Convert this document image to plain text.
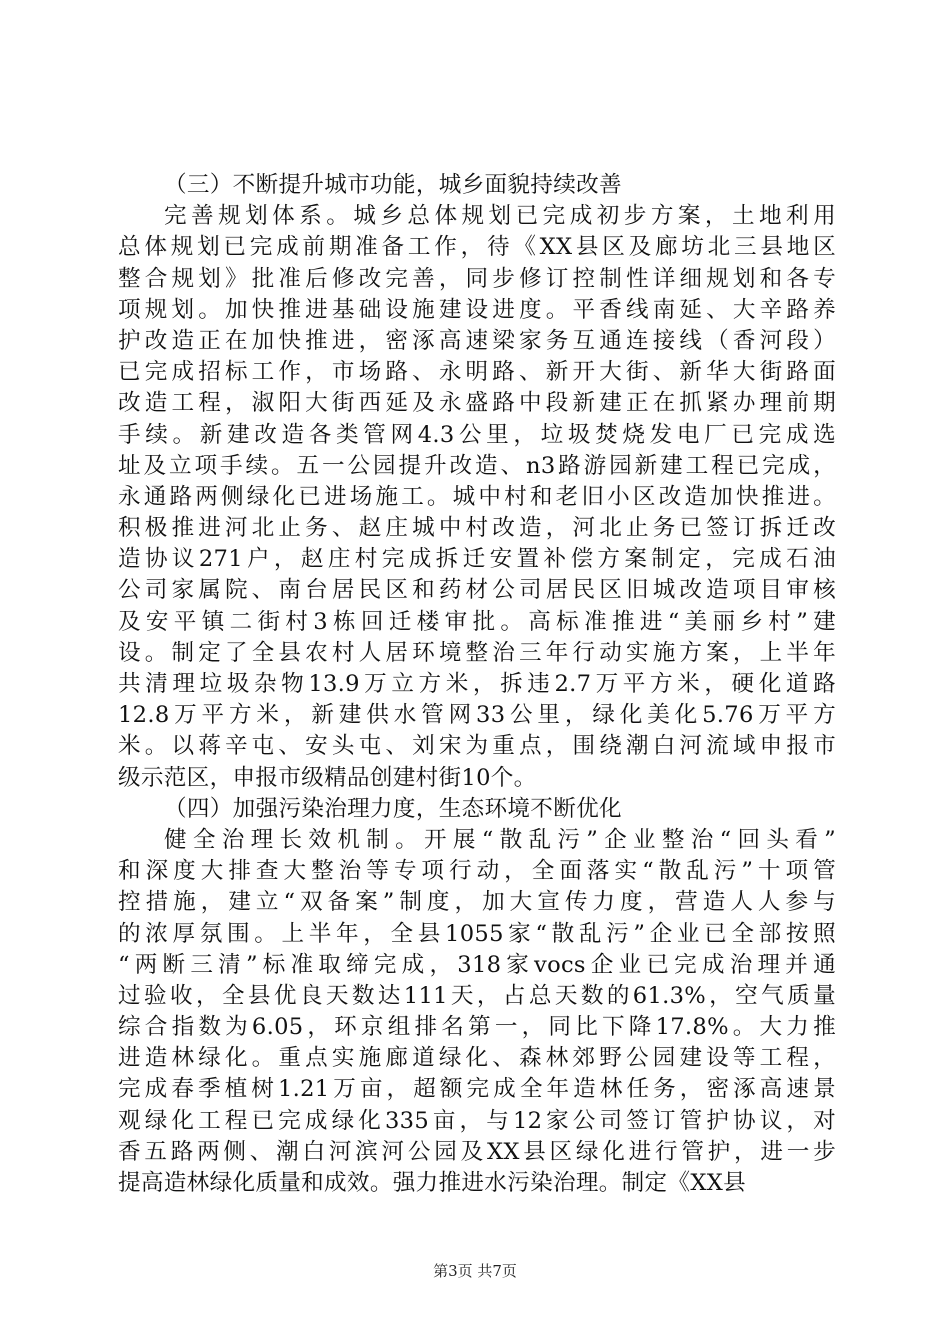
（三）不断提升城市功能，城乡面貌持续改善
完善规划体系。城乡总体规划已完成初步方案，土地利用
总体规划已完成前期准备工作，待《XX县区及廊坊北三县地区
整合规划》批准后修改完善，同步修订控制性详细规划和各专
项规划。加快推进基础设施建设进度。平香线南延、大辛路养
护改造正在加快推进，密涿高速梁家务互通连接线（香河段）
已完成招标工作，市场路、永明路、新开大街、新华大街路面
改造工程，淑阳大街西延及永盛路中段新建正在抓紧办理前期
手续。新建改造各类管网4.3公里，垃圾焚烧发电厂已完成选
址及立项手续。五一公园提升改造、n3路游园新建工程已完成，
永通路两侧绿化已进场施工。城中村和老旧小区改造加快推进。
积极推进河北止务、赵庄城中村改造，河北止务已签订拆迁改
造协议271户，赵庄村完成拆迁安置补偿方案制定，完成石油
公司家属院、南台居民区和药材公司居民区旧城改造项目审核
及安平镇二街村3栋回迁楼审批。高标准推进“美丽乡村”建
设。制定了全县农村人居环境整治三年行动实施方案，上半年
共清理垃圾杂物13.9万立方米，拆违2.7万平方米，硬化道路
12.8万平方米，新建供水管网33公里，绿化美化5.76万平方
米。以蒋辛屯、安头屯、刘宋为重点，围绕潮白河流域申报市
级示范区，申报市级精品创建村街10个。
（四）加强污染治理力度，生态环境不断优化
健全治理长效机制。开展“散乱污”企业整治“回头看”
和深度大排查大整治等专项行动，全面落实“散乱污”十项管
控措施，建立“双备案”制度，加大宣传力度，营造人人参与
的浓厚氛围。上半年，全县1055家“散乱污”企业已全部按照
“两断三清”标准取缔完成，318家vocs企业已完成治理并通
过验收，全县优良天数达111天，占总天数的61.3%，空气质量
综合指数为6.05，环京组排名第一，同比下降17.8%。大力推
进造林绿化。重点实施廊道绿化、森林郊野公园建设等工程，
完成春季植树1.21万亩，超额完成全年造林任务，密涿高速景
观绿化工程已完成绿化335亩，与12家公司签订管护协议，对
香五路两侧、潮白河滨河公园及XX县区绿化进行管护，进一步
提高造林绿化质量和成效。强力推进水污染治理。制定《XX县
第3页 共7页
